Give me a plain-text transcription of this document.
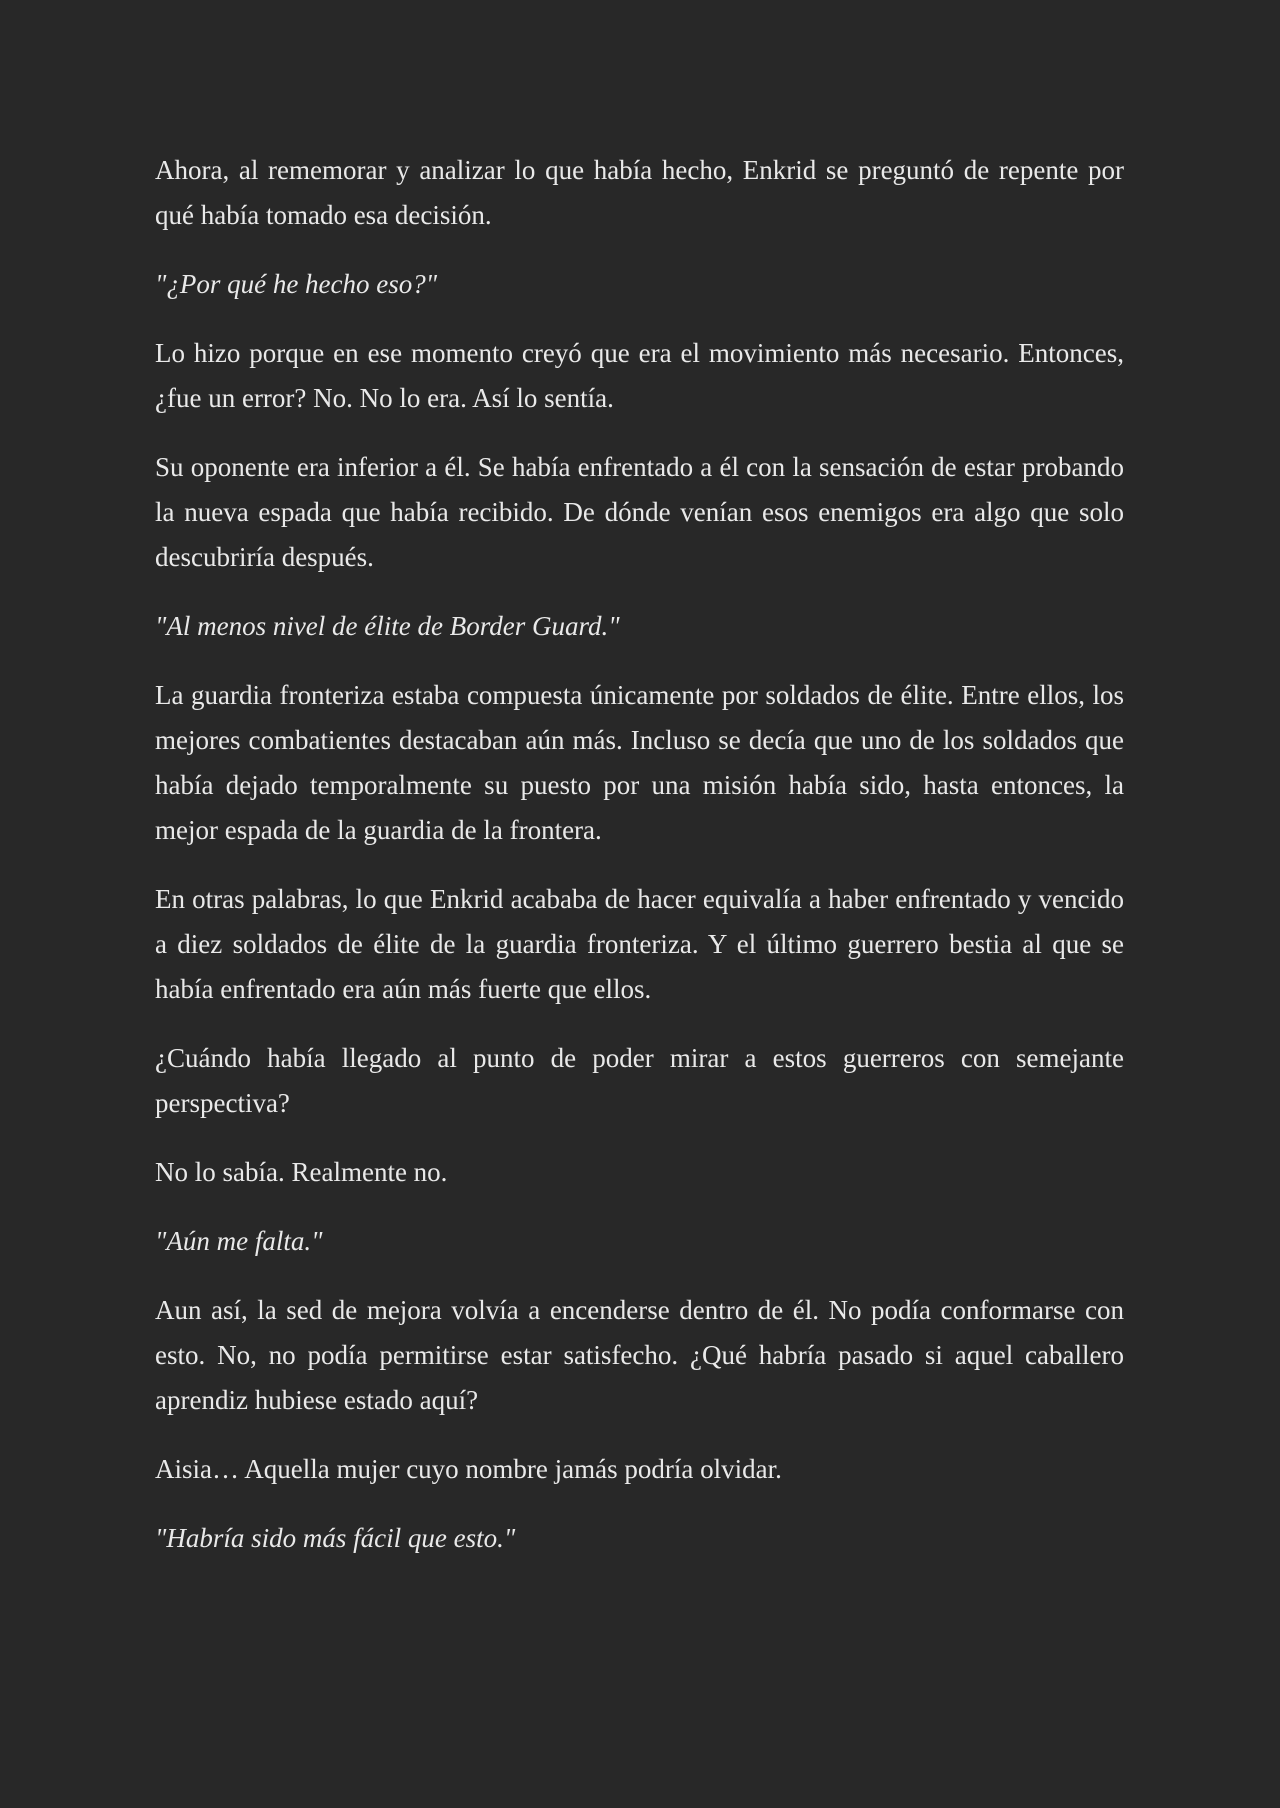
Ahora, al rememorar y analizar lo que había hecho, Enkrid se preguntó de repente por qué había tomado esa decisión.

"¿Por qué he hecho eso?"

Lo hizo porque en ese momento creyó que era el movimiento más necesario. Entonces, ¿fue un error? No. No lo era. Así lo sentía.

Su oponente era inferior a él. Se había enfrentado a él con la sensación de estar probando la nueva espada que había recibido. De dónde venían esos enemigos era algo que solo descubriría después.

"Al menos nivel de élite de Border Guard."

La guardia fronteriza estaba compuesta únicamente por soldados de élite. Entre ellos, los mejores combatientes destacaban aún más. Incluso se decía que uno de los soldados que había dejado temporalmente su puesto por una misión había sido, hasta entonces, la mejor espada de la guardia de la frontera.

En otras palabras, lo que Enkrid acababa de hacer equivalía a haber enfrentado y vencido a diez soldados de élite de la guardia fronteriza. Y el último guerrero bestia al que se había enfrentado era aún más fuerte que ellos.

¿Cuándo había llegado al punto de poder mirar a estos guerreros con semejante perspectiva?

No lo sabía. Realmente no.

"Aún me falta."

Aun así, la sed de mejora volvía a encenderse dentro de él. No podía conformarse con esto. No, no podía permitirse estar satisfecho. ¿Qué habría pasado si aquel caballero aprendiz hubiese estado aquí?

Aisia… Aquella mujer cuyo nombre jamás podría olvidar.

"Habría sido más fácil que esto."
